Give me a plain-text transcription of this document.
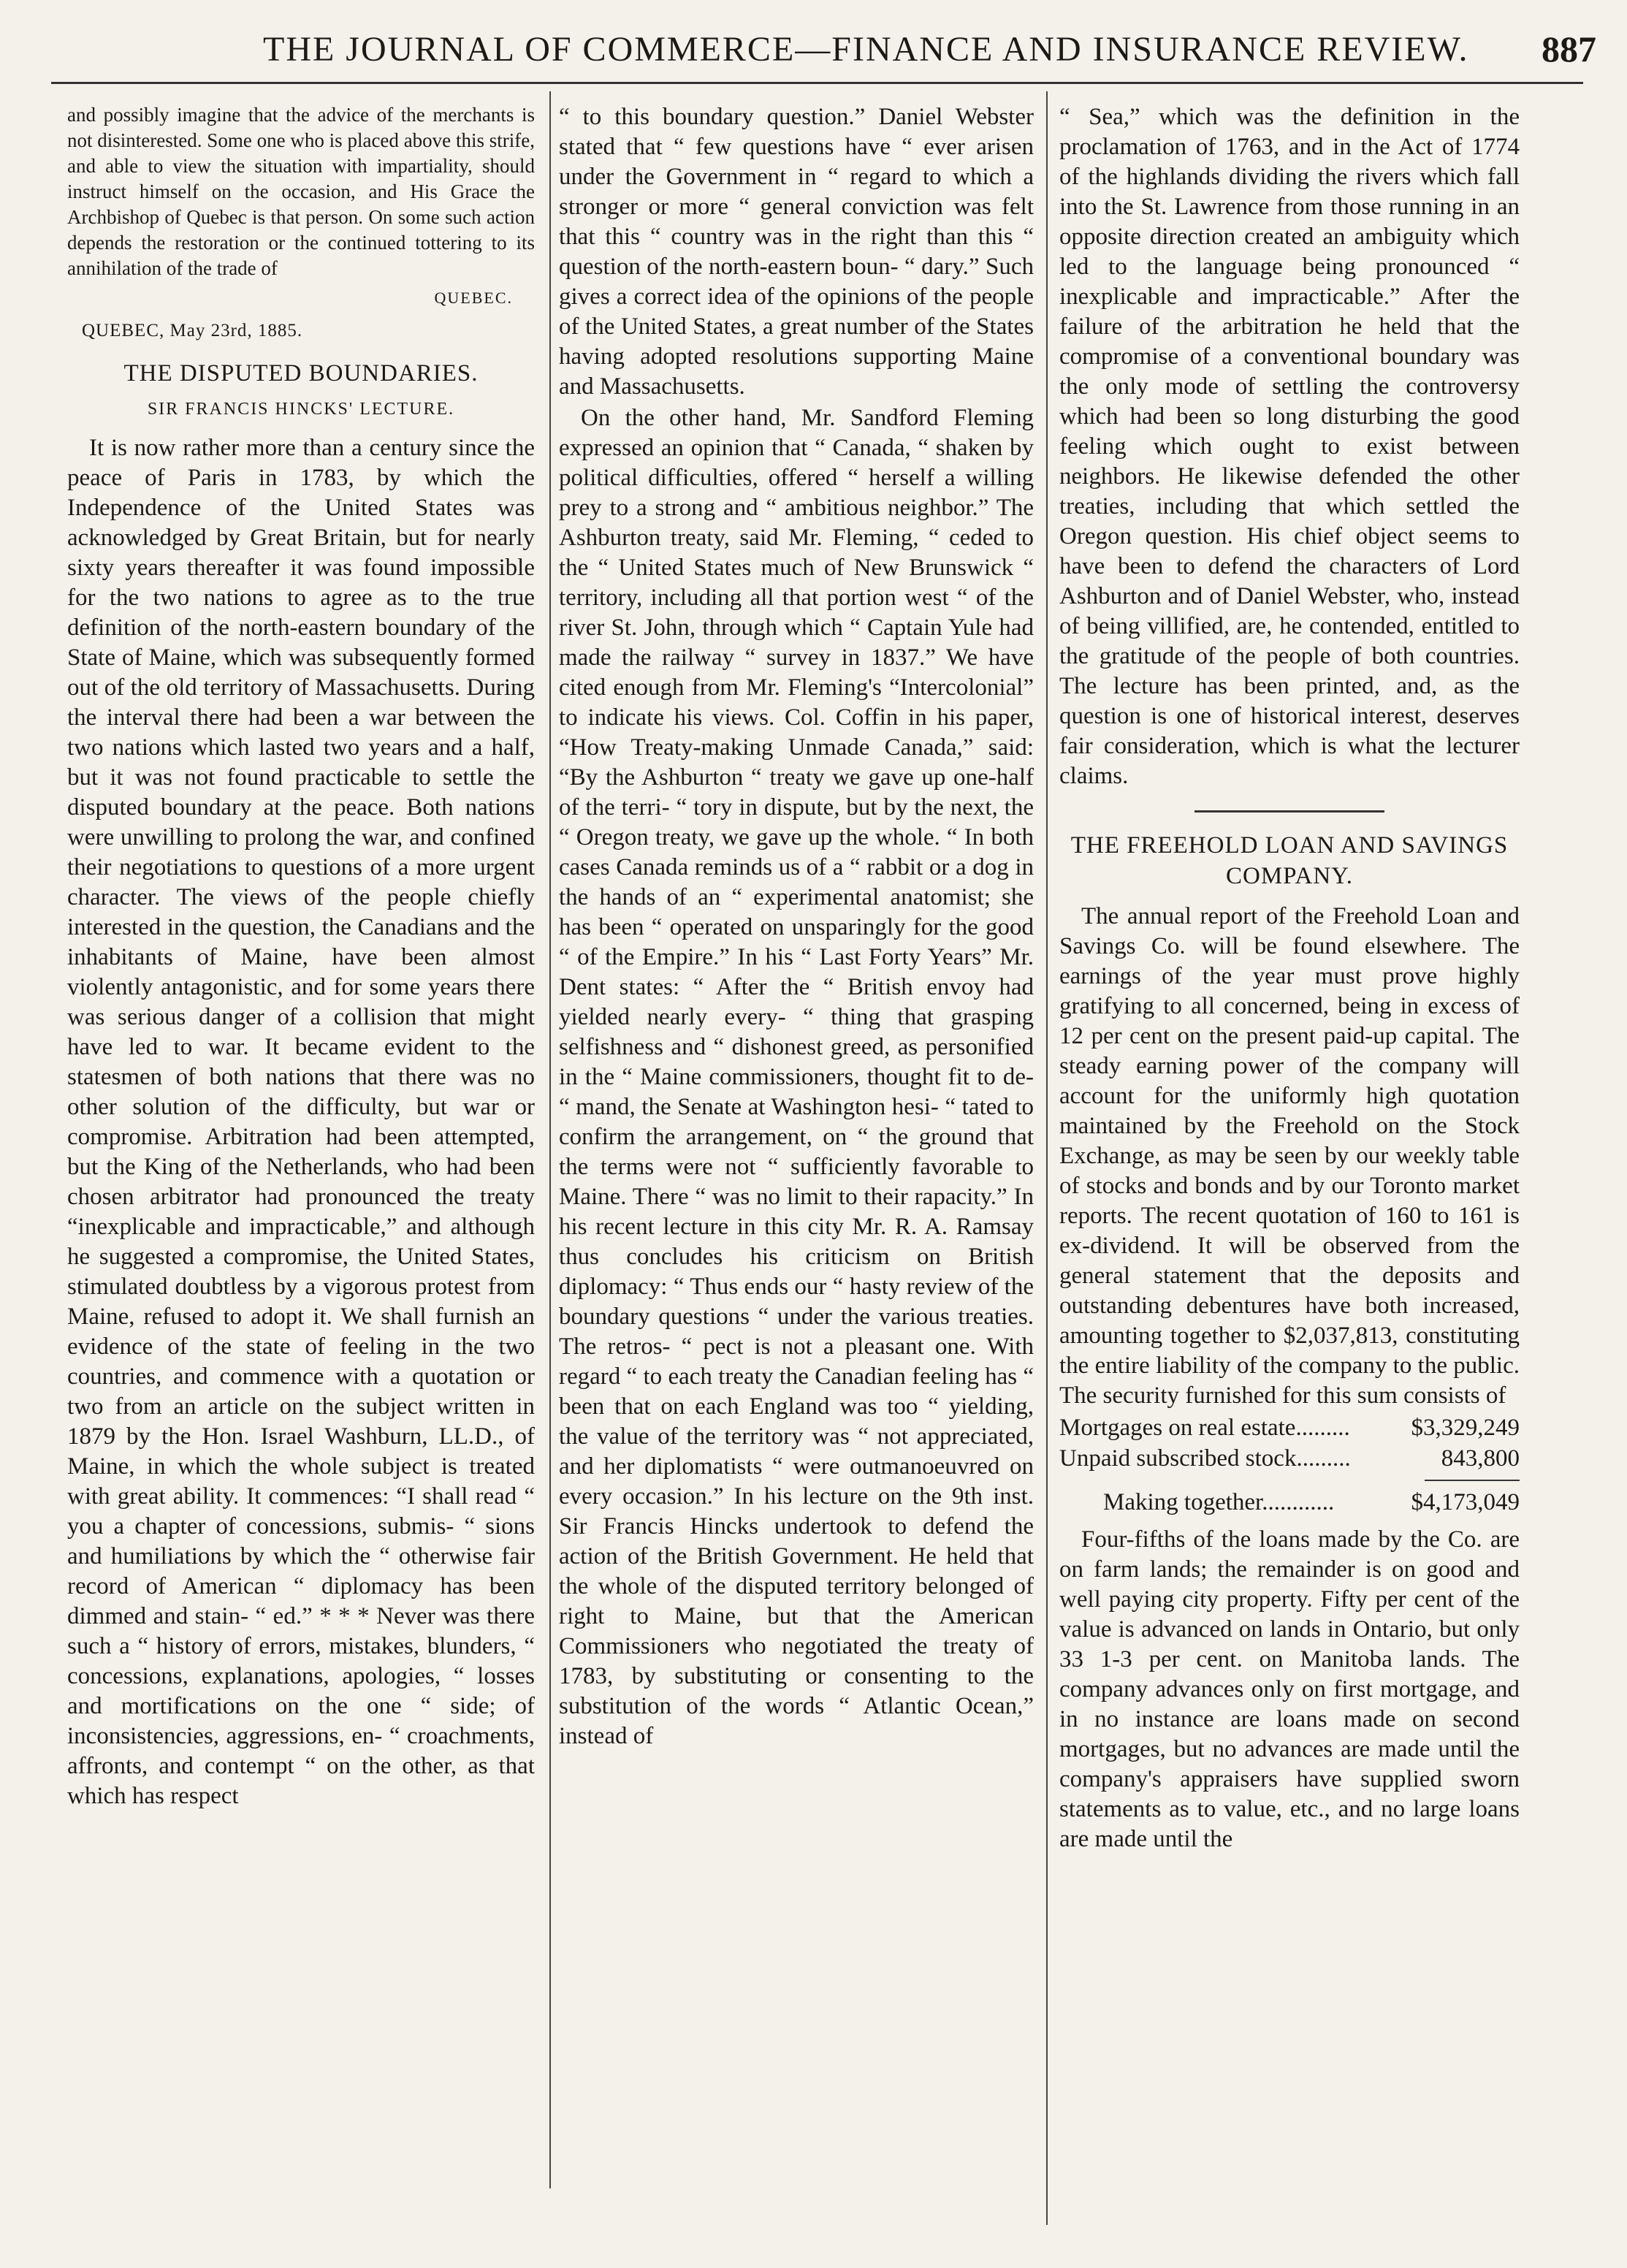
THE JOURNAL OF COMMERCE—FINANCE AND INSURANCE REVIEW. 887

and possibly imagine that the advice of the merchants is not disinterested. Some one who is placed above this strife, and able to view the situation with impartiality, should instruct himself on the occasion, and His Grace the Archbishop of Quebec is that person. On some such action depends the restoration or the continued tottering to its annihilation of the trade of

QUEBEC.
QUEBEC, May 23rd, 1885.
THE DISPUTED BOUNDARIES.
SIR FRANCIS HINCKS' LECTURE.

It is now rather more than a century since the peace of Paris in 1783, by which the Independence of the United States was acknowledged by Great Britain, but for nearly sixty years thereafter it was found impossible for the two nations to agree as to the true definition of the north-eastern boundary of the State of Maine, which was subsequently formed out of the old territory of Massachusetts. During the interval there had been a war between the two nations which lasted two years and a half, but it was not found practicable to settle the disputed boundary at the peace. Both nations were unwilling to prolong the war, and confined their negotiations to questions of a more urgent character. The views of the people chiefly interested in the question, the Canadians and the inhabitants of Maine, have been almost violently antagonistic, and for some years there was serious danger of a collision that might have led to war. It became evident to the statesmen of both nations that there was no other solution of the difficulty, but war or compromise. Arbitration had been attempted, but the King of the Netherlands, who had been chosen arbitrator had pronounced the treaty “inexplicable and impracticable,” and although he suggested a compromise, the United States, stimulated doubtless by a vigorous protest from Maine, refused to adopt it. We shall furnish an evidence of the state of feeling in the two countries, and commence with a quotation or two from an article on the subject written in 1879 by the Hon. Israel Washburn, LL.D., of Maine, in which the whole subject is treated with great ability. It commences: “I shall read “ you a chapter of concessions, submis- “ sions and humiliations by which the “ otherwise fair record of American “ diplomacy has been dimmed and stain- “ ed.” * * * Never was there such a “ history of errors, mistakes, blunders, “ concessions, explanations, apologies, “ losses and mortifications on the one “ side; of inconsistencies, aggressions, en- “ croachments, affronts, and contempt “ on the other, as that which has respect

“ to this boundary question.” Daniel Webster stated that “ few questions have “ ever arisen under the Government in “ regard to which a stronger or more “ general conviction was felt that this “ country was in the right than this “ question of the north-eastern boun- “ dary.” Such gives a correct idea of the opinions of the people of the United States, a great number of the States having adopted resolutions supporting Maine and Massachusetts.

On the other hand, Mr. Sandford Fleming expressed an opinion that “ Canada, “ shaken by political difficulties, offered “ herself a willing prey to a strong and “ ambitious neighbor.” The Ashburton treaty, said Mr. Fleming, “ ceded to the “ United States much of New Brunswick “ territory, including all that portion west “ of the river St. John, through which “ Captain Yule had made the railway “ survey in 1837.” We have cited enough from Mr. Fleming's “Intercolonial” to indicate his views. Col. Coffin in his paper, “How Treaty-making Unmade Canada,” said: “By the Ashburton “ treaty we gave up one-half of the terri- “ tory in dispute, but by the next, the “ Oregon treaty, we gave up the whole. “ In both cases Canada reminds us of a “ rabbit or a dog in the hands of an “ experimental anatomist; she has been “ operated on unsparingly for the good “ of the Empire.” In his “ Last Forty Years” Mr. Dent states: “ After the “ British envoy had yielded nearly every- “ thing that grasping selfishness and “ dishonest greed, as personified in the “ Maine commissioners, thought fit to de- “ mand, the Senate at Washington hesi- “ tated to confirm the arrangement, on “ the ground that the terms were not “ sufficiently favorable to Maine. There “ was no limit to their rapacity.” In his recent lecture in this city Mr. R. A. Ramsay thus concludes his criticism on British diplomacy: “ Thus ends our “ hasty review of the boundary questions “ under the various treaties. The retros- “ pect is not a pleasant one. With regard “ to each treaty the Canadian feeling has “ been that on each England was too “ yielding, the value of the territory was “ not appreciated, and her diplomatists “ were outmanoeuvred on every occasion.” In his lecture on the 9th inst. Sir Francis Hincks undertook to defend the action of the British Government. He held that the whole of the disputed territory belonged of right to Maine, but that the American Commissioners who negotiated the treaty of 1783, by substituting or consenting to the substitution of the words “ Atlantic Ocean,” instead of

“ Sea,” which was the definition in the proclamation of 1763, and in the Act of 1774 of the highlands dividing the rivers which fall into the St. Lawrence from those running in an opposite direction created an ambiguity which led to the language being pronounced “ inexplicable and impracticable.” After the failure of the arbitration he held that the compromise of a conventional boundary was the only mode of settling the controversy which had been so long disturbing the good feeling which ought to exist between neighbors. He likewise defended the other treaties, including that which settled the Oregon question. His chief object seems to have been to defend the characters of Lord Ashburton and of Daniel Webster, who, instead of being villified, are, he contended, entitled to the gratitude of the people of both countries. The lecture has been printed, and, as the question is one of historical interest, deserves fair consideration, which is what the lecturer claims.

THE FREEHOLD LOAN AND SAVINGS COMPANY.

The annual report of the Freehold Loan and Savings Co. will be found elsewhere. The earnings of the year must prove highly gratifying to all concerned, being in excess of 12 per cent on the present paid-up capital. The steady earning power of the company will account for the uniformly high quotation maintained by the Freehold on the Stock Exchange, as may be seen by our weekly table of stocks and bonds and by our Toronto market reports. The recent quotation of 160 to 161 is ex-dividend. It will be observed from the general statement that the deposits and outstanding debentures have both increased, amounting together to $2,037,813, constituting the entire liability of the company to the public. The security furnished for this sum consists of

Mortgages on real estate.........	$3,329,249
Unpaid subscribed stock.........	843,800
Making together............	$4,173,049

Four-fifths of the loans made by the Co. are on farm lands; the remainder is on good and well paying city property. Fifty per cent of the value is advanced on lands in Ontario, but only 33 1-3 per cent. on Manitoba lands. The company advances only on first mortgage, and in no instance are loans made on second mortgages, but no advances are made until the company's appraisers have supplied sworn statements as to value, etc., and no large loans are made until the
